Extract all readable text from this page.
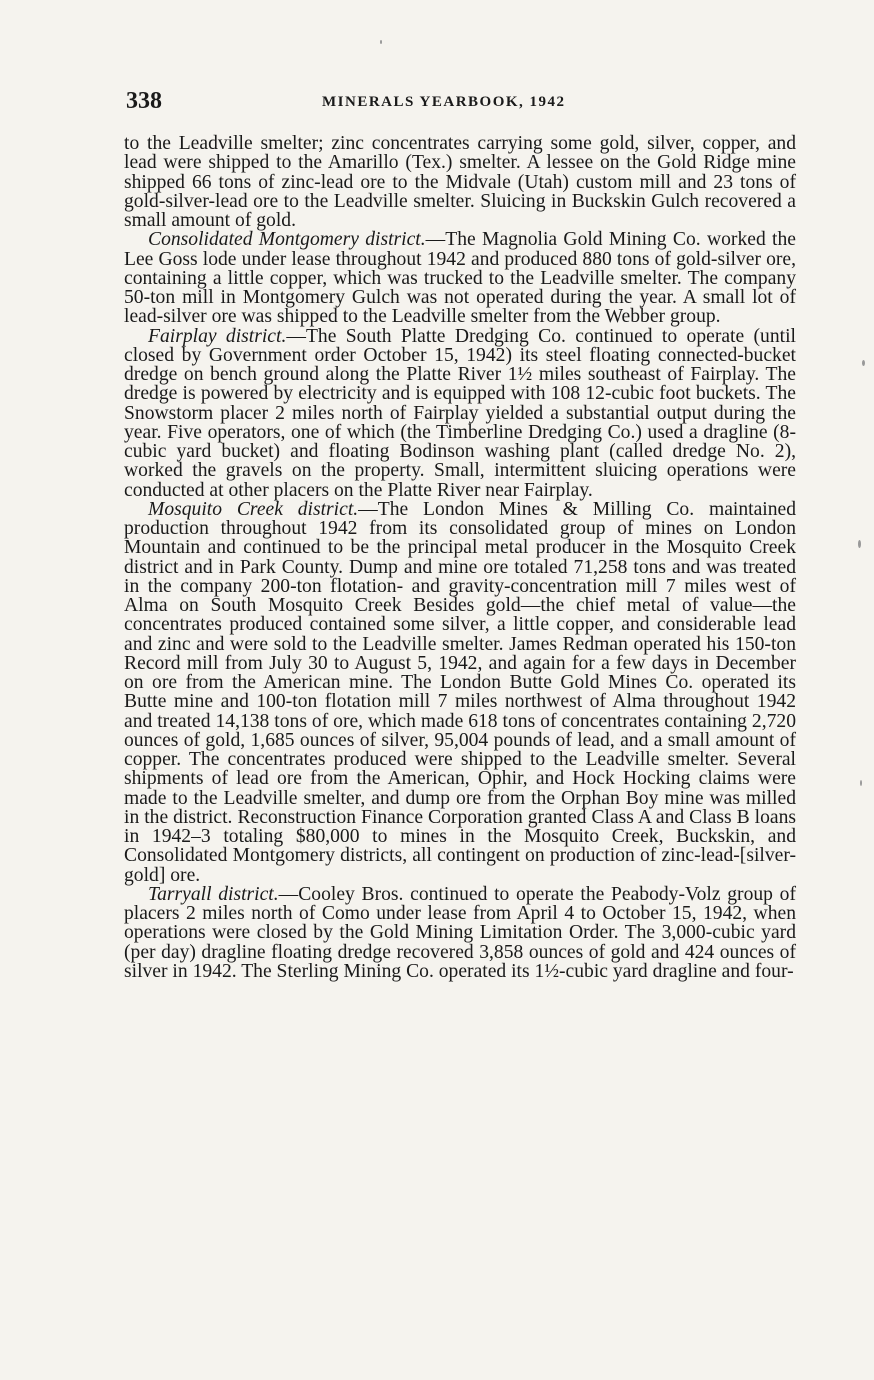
338	MINERALS YEARBOOK, 1942

to the Leadville smelter; zinc concentrates carrying some gold, silver, copper, and lead were shipped to the Amarillo (Tex.) smelter. A lessee on the Gold Ridge mine shipped 66 tons of zinc-lead ore to the Midvale (Utah) custom mill and 23 tons of gold-silver-lead ore to the Leadville smelter. Sluicing in Buckskin Gulch recovered a small amount of gold.

Consolidated Montgomery district.—The Magnolia Gold Mining Co. worked the Lee Goss lode under lease throughout 1942 and produced 880 tons of gold-silver ore, containing a little copper, which was trucked to the Leadville smelter. The company 50-ton mill in Montgomery Gulch was not operated during the year. A small lot of lead-silver ore was shipped to the Leadville smelter from the Webber group.

Fairplay district.—The South Platte Dredging Co. continued to operate (until closed by Government order October 15, 1942) its steel floating connected-bucket dredge on bench ground along the Platte River 1½ miles southeast of Fairplay. The dredge is powered by electricity and is equipped with 108 12-cubic foot buckets. The Snowstorm placer 2 miles north of Fairplay yielded a substantial output during the year. Five operators, one of which (the Timberline Dredging Co.) used a dragline (8-cubic yard bucket) and floating Bodinson washing plant (called dredge No. 2), worked the gravels on the property. Small, intermittent sluicing operations were conducted at other placers on the Platte River near Fairplay.

Mosquito Creek district.—The London Mines & Milling Co. maintained production throughout 1942 from its consolidated group of mines on London Mountain and continued to be the principal metal producer in the Mosquito Creek district and in Park County. Dump and mine ore totaled 71,258 tons and was treated in the company 200-ton flotation- and gravity-concentration mill 7 miles west of Alma on South Mosquito Creek Besides gold—the chief metal of value—the concentrates produced contained some silver, a little copper, and considerable lead and zinc and were sold to the Leadville smelter. James Redman operated his 150-ton Record mill from July 30 to August 5, 1942, and again for a few days in December on ore from the American mine. The London Butte Gold Mines Co. operated its Butte mine and 100-ton flotation mill 7 miles northwest of Alma throughout 1942 and treated 14,138 tons of ore, which made 618 tons of concentrates containing 2,720 ounces of gold, 1,685 ounces of silver, 95,004 pounds of lead, and a small amount of copper. The concentrates produced were shipped to the Leadville smelter. Several shipments of lead ore from the American, Ophir, and Hock Hocking claims were made to the Leadville smelter, and dump ore from the Orphan Boy mine was milled in the district. Reconstruction Finance Corporation granted Class A and Class B loans in 1942–3 totaling $80,000 to mines in the Mosquito Creek, Buckskin, and Consolidated Montgomery districts, all contingent on production of zinc-lead-[silver-gold] ore.

Tarryall district.—Cooley Bros. continued to operate the Peabody-Volz group of placers 2 miles north of Como under lease from April 4 to October 15, 1942, when operations were closed by the Gold Mining Limitation Order. The 3,000-cubic yard (per day) dragline floating dredge recovered 3,858 ounces of gold and 424 ounces of silver in 1942. The Sterling Mining Co. operated its 1½-cubic yard dragline and four-
